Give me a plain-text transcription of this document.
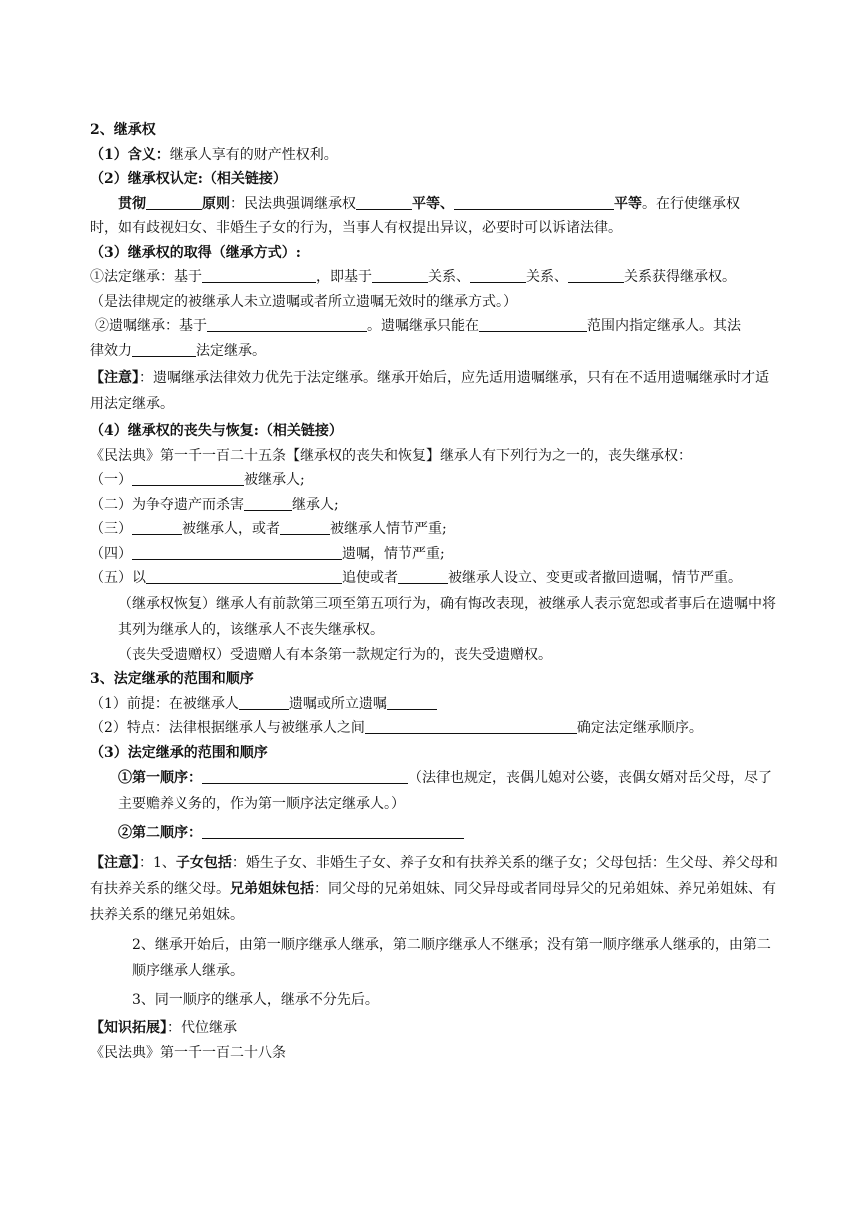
2、继承权
（1）含义：继承人享有的财产性权利。
（2）继承权认定:（相关链接）
贯彻	原则：民法典强调继承权	平等、	平等。在行使继承权
时，如有歧视妇女、非婚生子女的行为，当事人有权提出异议，必要时可以诉诸法律。
（3）继承权的取得（继承方式）:
①法定继承：基于	，即基于	关系、	关系、	关系获得继承权。
（是法律规定的被继承人未立遗嘱或者所立遗嘱无效时的继承方式。）
②遗嘱继承：基于	。遗嘱继承只能在	范围内指定继承人。其法
律效力	法定继承。
【注意】：遗嘱继承法律效力优先于法定继承。继承开始后，应先适用遗嘱继承，只有在不适用遗嘱继承时才适用法定继承。
（4）继承权的丧失与恢复:（相关链接）
《民法典》第一千一百二十五条【继承权的丧失和恢复】继承人有下列行为之一的，丧失继承权：
（一）	被继承人;
（二）为争夺遗产而杀害	继承人;
（三）	被继承人，或者	被继承人情节严重;
（四）	遗嘱，情节严重;
（五）以	追使或者	被继承人设立、变更或者撤回遗嘱，情节严重。
（继承权恢复）继承人有前款第三项至第五项行为，确有悔改表现，被继承人表示宽恕或者事后在遗嘱中将其列为继承人的，该继承人不丧失继承权。
（丧失受遗赠权）受遗赠人有本条第一款规定行为的，丧失受遗赠权。
3、法定继承的范围和顺序
（1）前提：在被继承人	遗嘱或所立遗嘱
（2）特点：法律根据继承人与被继承人之间	确定法定继承顺序。
（3）法定继承的范围和顺序
①第一顺序：	（法律也规定，丧偶儿媳对公婆，丧偶女婿对岳父母，尽了主要赡养义务的，作为第一顺序法定继承人。）
②第二顺序：
【注意】：1、子女包括：婚生子女、非婚生子女、养子女和有扶养关系的继子女；父母包括：生父母、养父母和有扶养关系的继父母。兄弟姐妹包括：同父母的兄弟姐妹、同父异母或者同母异父的兄弟姐妹、养兄弟姐妹、有扶养关系的继兄弟姐妹。
2、继承开始后，由第一顺序继承人继承，第二顺序继承人不继承；没有第一顺序继承人继承的，由第二顺序继承人继承。
3、同一顺序的继承人，继承不分先后。
【知识拓展】：代位继承
《民法典》第一千一百二十八条
